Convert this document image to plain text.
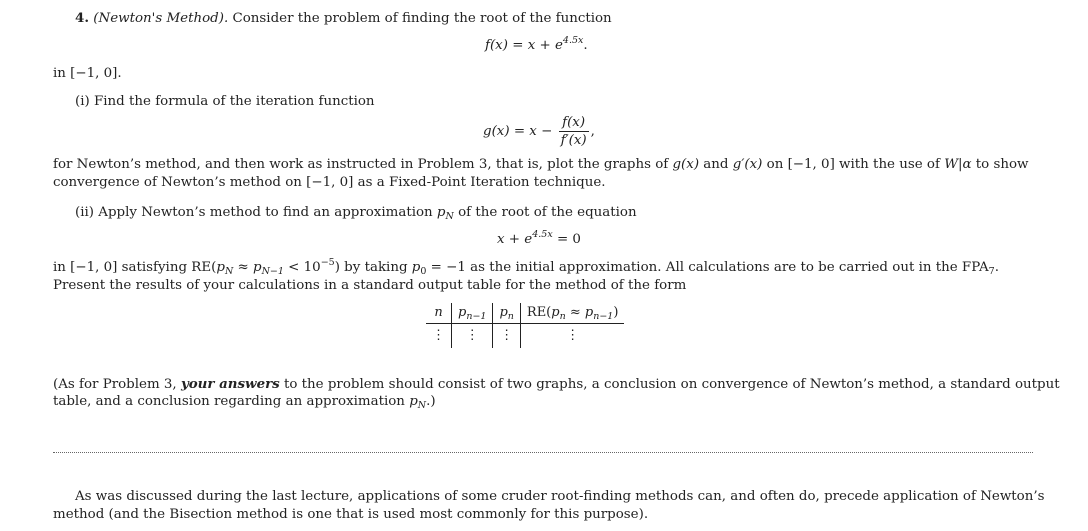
4. (Newton's Method). Consider the problem of finding the root of the function
$f(x) = x + e^{4.5x}$.
in [−1, 0].
(i) Find the formula of the iteration function
$g(x) = x - \frac{f(x)}{f'(x)}$ ,
for Newton’s method, and then work as instructed in Problem 3, that is, plot the graphs of g(x) and g′(x) on [−1, 0] with the use of W|α to show
convergence of Newton’s method on [−1, 0] as a Fixed-Point Iteration technique.
(ii) Apply Newton’s method to find an approximation $p_N$ of the root of the equation
$x + e^{4.5x} = 0$
in [−1, 0] satisfying $RE(p_N \approx p_{N-1} < 10^{-5})$ by taking $p_0 = -1$ as the initial approximation. All calculations are to be carried out in the $FPA_7$.
Present the results of your calculations in a standard output table for the method of the form
n	$p_{n-1}$	$p_n$	$RE(p_n \approx p_{n-1})$
⋮	⋮	⋮	⋮
(As for Problem 3, your answers to the problem should consist of two graphs, a conclusion on convergence of Newton’s method, a standard output
table, and a conclusion regarding an approximation $p_N$.)
As was discussed during the last lecture, applications of some cruder root-finding methods can, and often do, precede application of Newton’s
method (and the Bisection method is one that is used most commonly for this purpose).
